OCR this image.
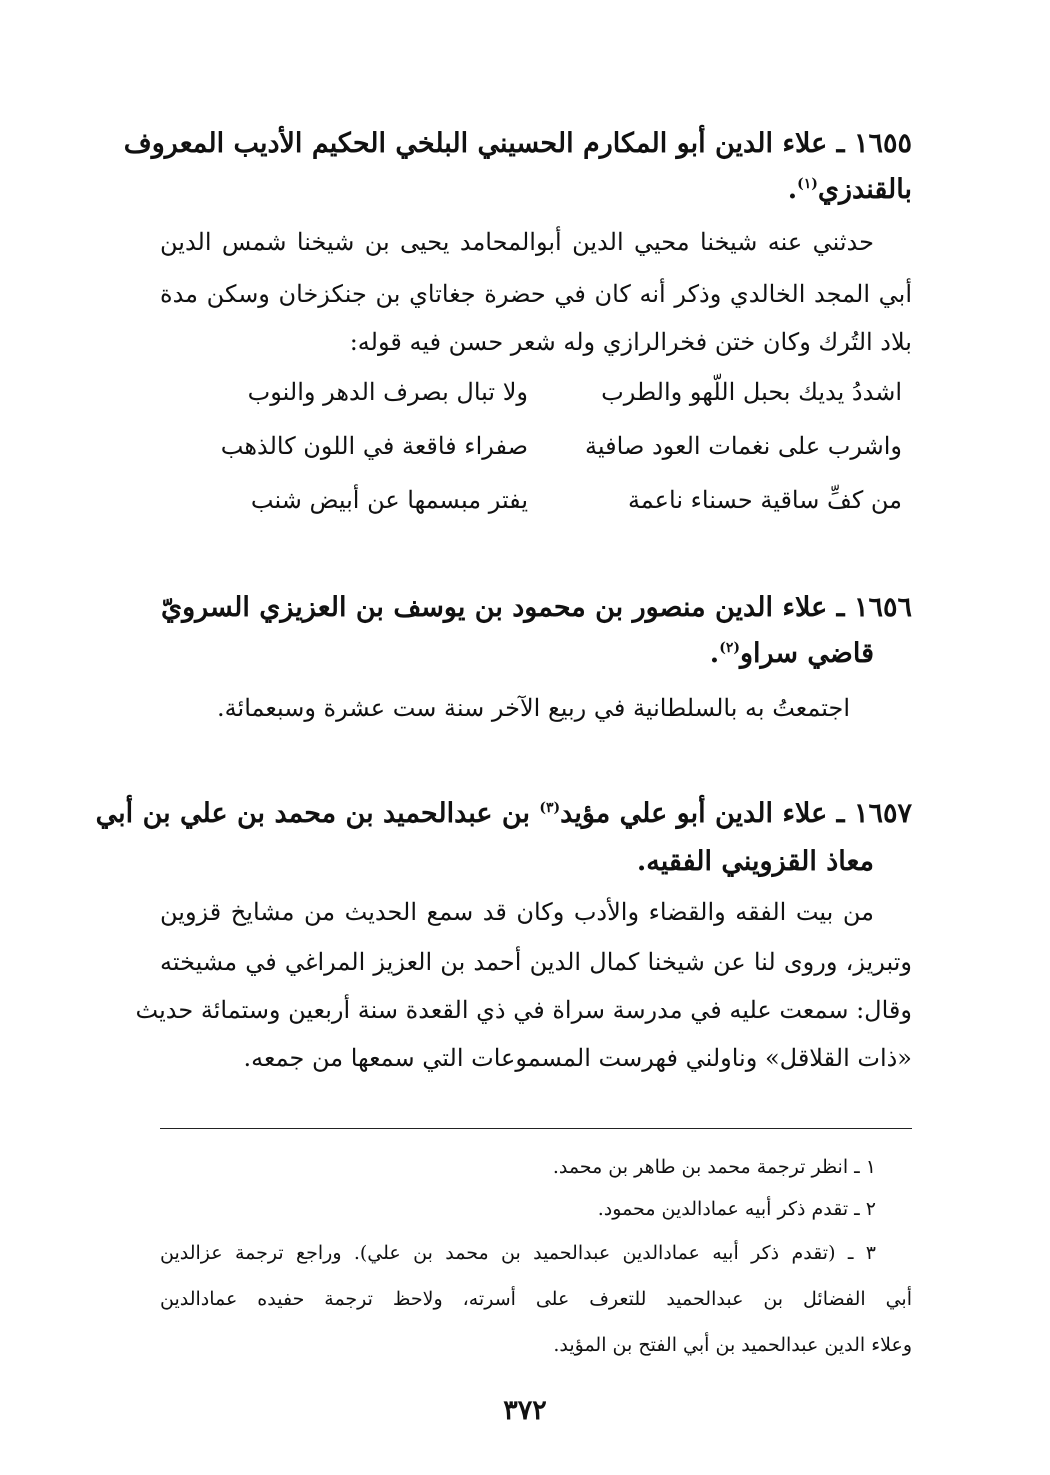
١٦٥٥ ـ علاء الدين أبو المكارم الحسيني البلخي الحكيم الأديب المعروف
بالقندزي$^{(١)}$.
حدثني عنه شيخنا محيي الدين أبوالمحامد يحيى بن شيخنا شمس الدين
أبي المجد الخالدي وذكر أنه كان في حضرة جغاتاي بن جنكزخان وسكن مدة
بلاد التُرك وكان ختن فخرالرازي وله شعر حسن فيه قوله:
اشددُ يديك بحبل اللّهو والطرب
ولا تبال بصرف الدهر والنوب
واشرب على نغمات العود صافية
صفراء فاقعة في اللون كالذهب
من كفِّ ساقية حسناء ناعمة
يفتر مبسمها عن أبيض شنب
١٦٥٦ ـ علاء الدين منصور بن محمود بن يوسف بن العزيزي السرويّ
قاضي سراو$^{(٢)}$.
اجتمعتُ به بالسلطانية في ربيع الآخر سنة ست عشرة وسبعمائة.
١٦٥٧ ـ علاء الدين أبو علي مؤيد$^{(٣)}$ بن عبدالحميد بن محمد بن علي بن أبي
معاذ القزويني الفقيه.
من بيت الفقه والقضاء والأدب وكان قد سمع الحديث من مشايخ قزوين
وتبريز، وروى لنا عن شيخنا كمال الدين أحمد بن العزيز المراغي في مشيخته
وقال: سمعت عليه في مدرسة سراة في ذي القعدة سنة أربعين وستمائة حديث
«ذات القلاقل» وناولني فهرست المسموعات التي سمعها من جمعه.
١ ـ انظر ترجمة محمد بن طاهر بن محمد.
٢ ـ تقدم ذكر أبيه عمادالدين محمود.
٣ ـ (تقدم ذكر أبيه عمادالدين عبدالحميد بن محمد بن علي). وراجع ترجمة عزالدين
أبي الفضائل بن عبدالحميد للتعرف على أسرته، ولاحظ ترجمة حفيده عمادالدين
وعلاء الدين عبدالحميد بن أبي الفتح بن المؤيد.
٣٧٢
